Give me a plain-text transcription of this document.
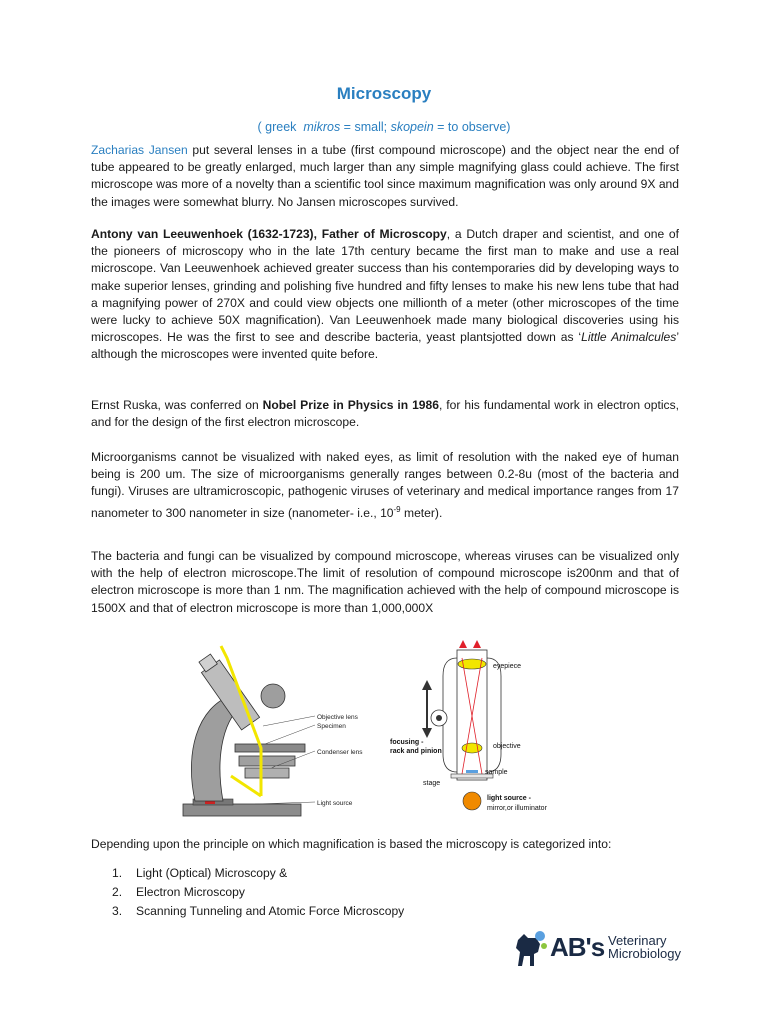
Microscopy
( greek mikros = small; skopein = to observe)

Zacharias Jansen put several lenses in a tube (first compound microscope) and the object near the end of tube appeared to be greatly enlarged, much larger than any simple magnifying glass could achieve. The first microscope was more of a novelty than a scientific tool since maximum magnification was only around 9X and the images were somewhat blurry. No Jansen microscopes survived.

Antony van Leeuwenhoek (1632-1723), Father of Microscopy, a Dutch draper and scientist, and one of the pioneers of microscopy who in the late 17th century became the first man to make and use a real microscope. Van Leeuwenhoek achieved greater success than his contemporaries did by developing ways to make superior lenses, grinding and polishing five hundred and fifty lenses to make his new lens tube that had a magnifying power of 270X and could view objects one millionth of a meter (other microscopes of the time were lucky to achieve 50X magnification). Van Leeuwenhoek made many biological discoveries using his microscopes. He was the first to see and describe bacteria, yeast plantsjotted down as ‘Little Animalcules’ although the microscopes were invented quite before.

Ernst Ruska, was conferred on Nobel Prize in Physics in 1986, for his fundamental work in electron optics, and for the design of the first electron microscope.

Microorganisms cannot be visualized with naked eyes, as limit of resolution with the naked eye of human being is 200 um. The size of microorganisms generally ranges between 0.2-8u (most of the bacteria and fungi). Viruses are ultramicroscopic, pathogenic viruses of veterinary and medical importance ranges from 17 nanometer to 300 nanometer in size (nanometer- i.e., $10^{-9}$ meter).

The bacteria and fungi can be visualized by compound microscope, whereas viruses can be visualized only with the help of electron microscope.The limit of resolution of compound microscope is200nm and that of electron microscope is more than 1 nm. The magnification achieved with the help of compound microscope is 1500X and that of electron microscope is more than 1,000,000X

Objective lens
Specimen
Condenser lens
Light source
eyepiece
focusing -
rack and pinion
objective
sample
stage
light source -
mirror,or illuminator

Depending upon the principle on which magnification is based the microscopy is categorized into:

1. Light (Optical) Microscopy &
2. Electron Microscopy
3. Scanning Tunneling and Atomic Force Microscopy
AB's Veterinary
Microbiology
